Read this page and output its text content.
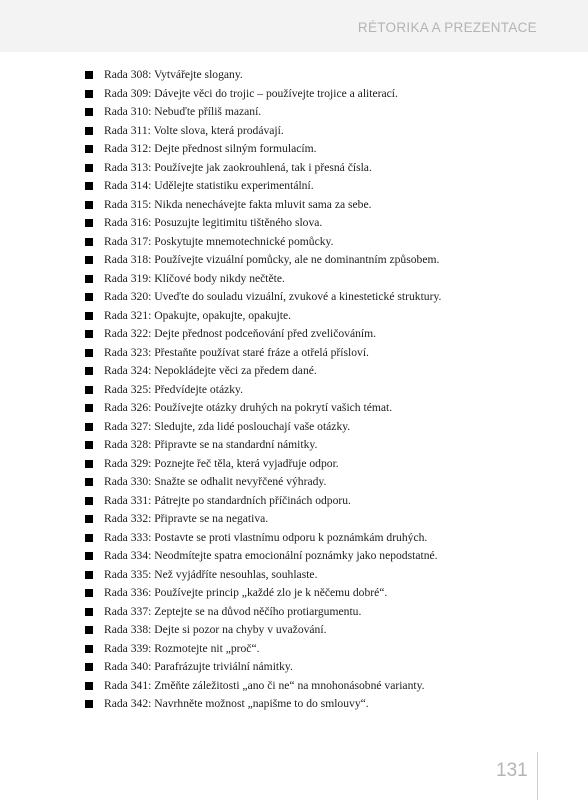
RÉTORIKA A PREZENTACE
Rada 308: Vytvářejte slogany.
Rada 309: Dávejte věci do trojic – používejte trojice a aliterací.
Rada 310: Nebuďte příliš mazaní.
Rada 311: Volte slova, která prodávají.
Rada 312: Dejte přednost silným formulacím.
Rada 313: Používejte jak zaokrouhlená, tak i přesná čísla.
Rada 314: Udělejte statistiku experimentální.
Rada 315: Nikda nenechávejte fakta mluvit sama za sebe.
Rada 316: Posuzujte legitimitu tištěného slova.
Rada 317: Poskytujte mnemotechnické pomůcky.
Rada 318: Používejte vizuální pomůcky, ale ne dominantním způsobem.
Rada 319: Klíčové body nikdy nečtěte.
Rada 320: Uveďte do souladu vizuální, zvukové a kinestetické struktury.
Rada 321: Opakujte, opakujte, opakujte.
Rada 322: Dejte přednost podceňování před zveličováním.
Rada 323: Přestaňte používat staré fráze a otřelá přísloví.
Rada 324: Nepokládejte věci za předem dané.
Rada 325: Předvídejte otázky.
Rada 326: Používejte otázky druhých na pokrytí vašich témat.
Rada 327: Sledujte, zda lidé poslouchají vaše otázky.
Rada 328: Připravte se na standardní námitky.
Rada 329: Poznejte řeč těla, která vyjadřuje odpor.
Rada 330: Snažte se odhalit nevyřčené výhrady.
Rada 331: Pátrejte po standardních příčinách odporu.
Rada 332: Připravte se na negativa.
Rada 333: Postavte se proti vlastnímu odporu k poznámkám druhých.
Rada 334: Neodmítejte spatra emocionální poznámky jako nepodstatné.
Rada 335: Než vyjádříte nesouhlas, souhlaste.
Rada 336: Používejte princip „každé zlo je k něčemu dobré“.
Rada 337: Zeptejte se na důvod něčího protiargumentu.
Rada 338: Dejte si pozor na chyby v uvažování.
Rada 339: Rozmotejte nit „proč“.
Rada 340: Parafrázujte triviální námitky.
Rada 341: Změňte záležitosti „ano či ne“ na mnohonásobné varianty.
Rada 342: Navrhněte možnost „napišme to do smlouvy“.
131
